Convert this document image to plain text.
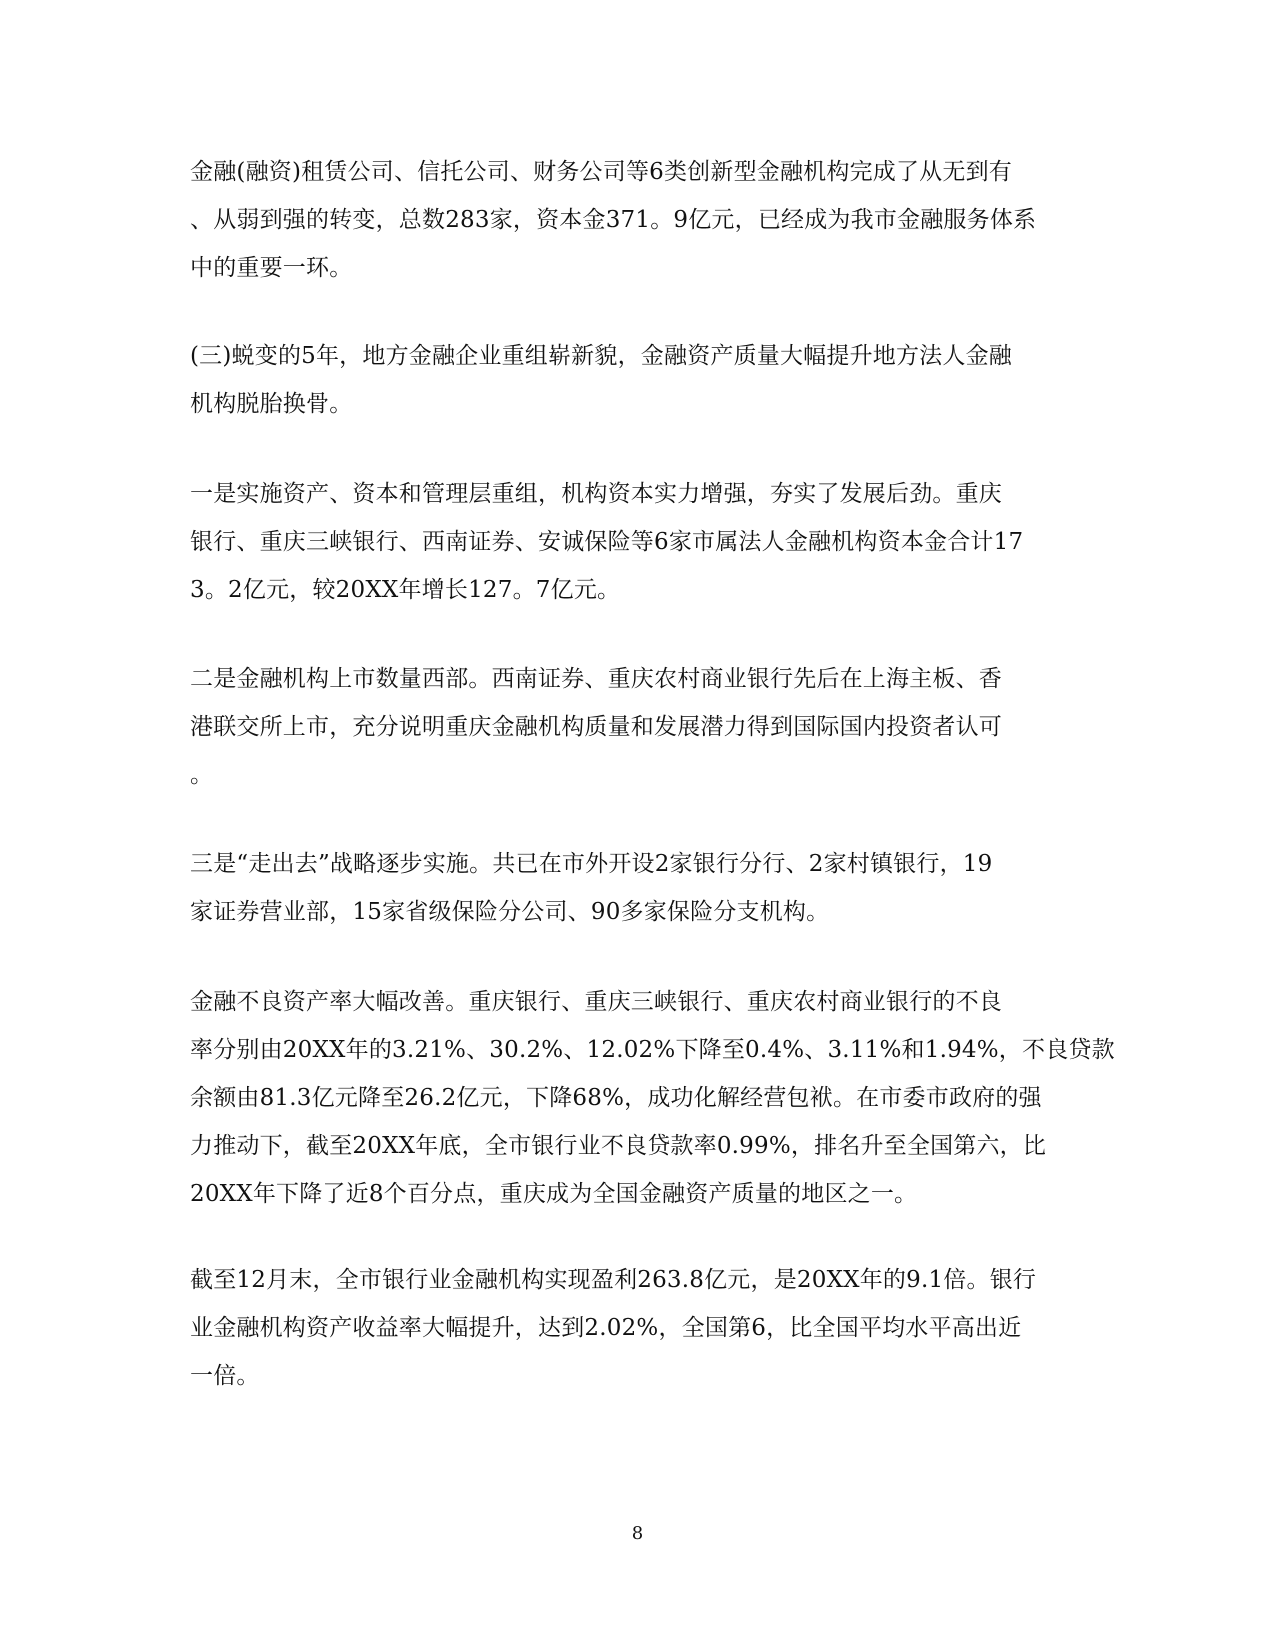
金融(融资)租赁公司、信托公司、财务公司等6类创新型金融机构完成了从无到有
、从弱到强的转变，总数283家，资本金371。9亿元，已经成为我市金融服务体系
中的重要一环。
(三)蜕变的5年，地方金融企业重组崭新貌，金融资产质量大幅提升地方法人金融
机构脱胎换骨。
一是实施资产、资本和管理层重组，机构资本实力增强，夯实了发展后劲。重庆
银行、重庆三峡银行、西南证券、安诚保险等6家市属法人金融机构资本金合计17
3。2亿元，较20XX年增长127。7亿元。
二是金融机构上市数量西部。西南证券、重庆农村商业银行先后在上海主板、香
港联交所上市，充分说明重庆金融机构质量和发展潜力得到国际国内投资者认可
。
三是“走出去”战略逐步实施。共已在市外开设2家银行分行、2家村镇银行，19
家证券营业部，15家省级保险分公司、90多家保险分支机构。
金融不良资产率大幅改善。重庆银行、重庆三峡银行、重庆农村商业银行的不良
率分别由20XX年的3.21%、30.2%、12.02%下降至0.4%、3.11%和1.94%，不良贷款
余额由81.3亿元降至26.2亿元，下降68%，成功化解经营包袱。在市委市政府的强
力推动下，截至20XX年底，全市银行业不良贷款率0.99%，排名升至全国第六，比
20XX年下降了近8个百分点，重庆成为全国金融资产质量的地区之一。
截至12月末，全市银行业金融机构实现盈利263.8亿元，是20XX年的9.1倍。银行
业金融机构资产收益率大幅提升，达到2.02%，全国第6，比全国平均水平高出近
一倍。
8
